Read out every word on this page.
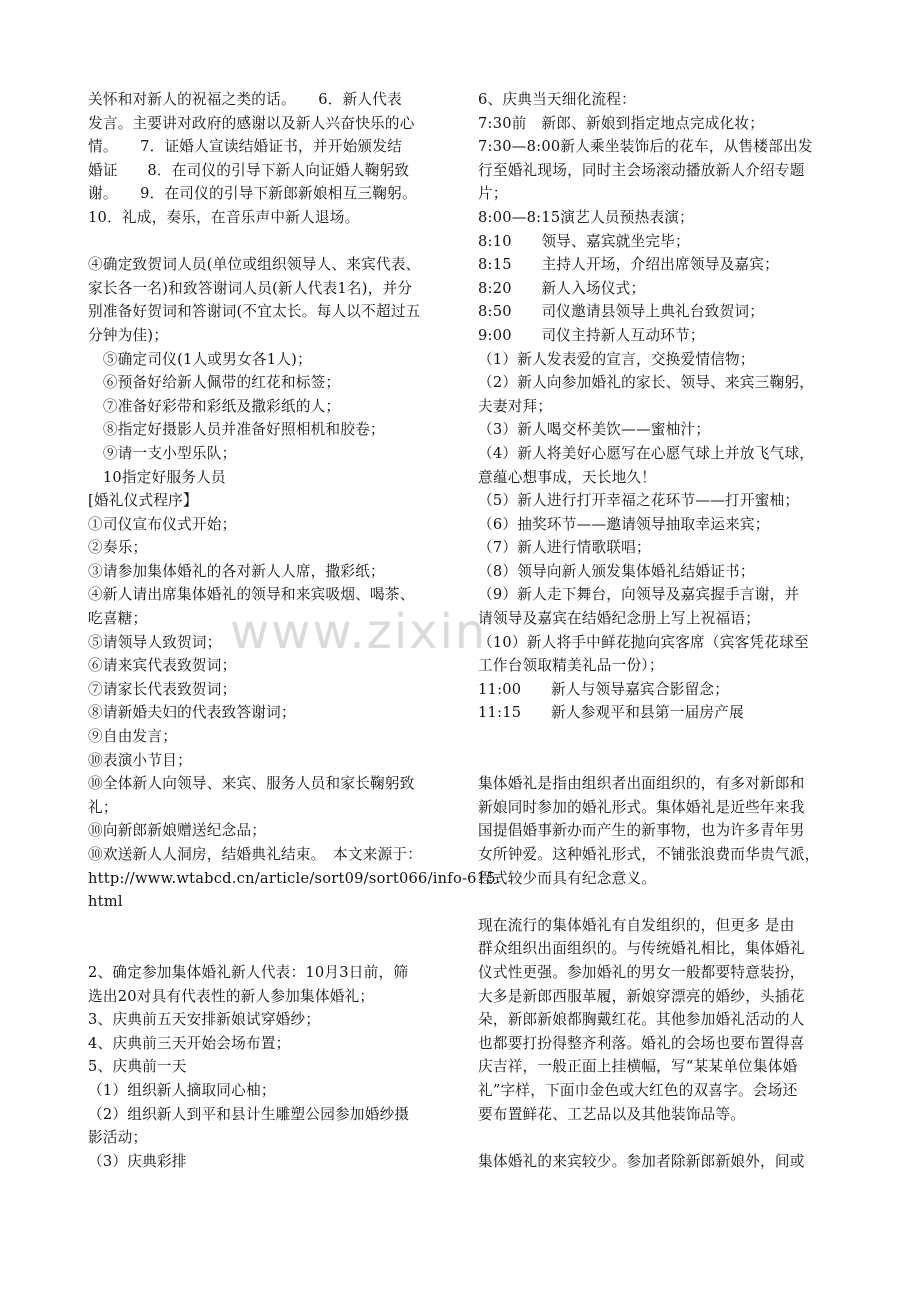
关怀和对新人的祝福之类的话。　　6．新人代表
发言。主要讲对政府的感谢以及新人兴奋快乐的心
情。　　7．证婚人宣读结婚证书，并开始颁发结
婚证　　8．在司仪的引导下新人向证婚人鞠躬致
谢。　　9．在司仪的引导下新郎新娘相互三鞠躬。
10．礼成，奏乐，在音乐声中新人退场。
④确定致贺词人员(单位或组织领导人、来宾代表、
家长各一名)和致答谢词人员(新人代表1名)，并分
别准备好贺词和答谢词(不宜太长。每人以不超过五
分钟为佳)；
　⑤确定司仪(1人或男女各1人)；
　⑥预备好给新人佩带的红花和标签；
　⑦准备好彩带和彩纸及撒彩纸的人；
　⑧指定好摄影人员并准备好照相机和胶卷；
　⑨请一支小型乐队；
　10指定好服务人员
[婚礼仪式程序】
①司仪宣布仪式开始；
②奏乐；
③请参加集体婚礼的各对新人人席，撒彩纸；
④新人请出席集体婚礼的领导和来宾吸烟、喝茶、
吃喜糖；
⑤请领导人致贺词；
⑥请来宾代表致贺词；
⑦请家长代表致贺词；
⑧请新婚夫妇的代表致答谢词；
⑨自由发言；
⑩表演小节目；
⑩全体新人向领导、来宾、服务人员和家长鞠躬致
礼；
⑩向新郎新娘赠送纪念品；
⑩欢送新人人洞房，结婚典礼结束。　本文来源于：
http://www.wtabcd.cn/article/sort09/sort066/info-615.
html
2、确定参加集体婚礼新人代表：10月3日前，筛
选出20对具有代表性的新人参加集体婚礼；
3、庆典前五天安排新娘试穿婚纱；
4、庆典前三天开始会场布置；
5、庆典前一天
（1）组织新人摘取同心柚；
（2）组织新人到平和县计生雕塑公园参加婚纱摄
影活动；
（3）庆典彩排
6、庆典当天细化流程：
7:30前　新郎、新娘到指定地点完成化妆；
7:30—8:00新人乘坐装饰后的花车，从售楼部出发
行至婚礼现场，同时主会场滚动播放新人介绍专题
片；
8:00—8:15演艺人员预热表演；
8:10　　领导、嘉宾就坐完毕；
8:15　　主持人开场，介绍出席领导及嘉宾；
8:20　　新人入场仪式；
8:50　　司仪邀请县领导上典礼台致贺词；
9:00　　司仪主持新人互动环节；
（1）新人发表爱的宣言，交换爱情信物；
（2）新人向参加婚礼的家长、领导、来宾三鞠躬，
夫妻对拜；
（3）新人喝交杯美饮——蜜柚汁；
（4）新人将美好心愿写在心愿气球上并放飞气球，
意蕴心想事成，天长地久！
（5）新人进行打开幸福之花环节——打开蜜柚；
（6）抽奖环节——邀请领导抽取幸运来宾；
（7）新人进行情歌联唱；
（8）领导向新人颁发集体婚礼结婚证书；
（9）新人走下舞台，向领导及嘉宾握手言谢，并
请领导及嘉宾在结婚纪念册上写上祝福语；
（10）新人将手中鲜花抛向宾客席（宾客凭花球至
工作台领取精美礼品一份）；
11:00　　新人与领导嘉宾合影留念；
11:15　　新人参观平和县第一届房产展
集体婚礼是指由组织者出面组织的，有多对新郎和
新娘同时参加的婚礼形式。集体婚礼是近些年来我
国提倡婚事新办而产生的新事物，也为许多青年男
女所钟爱。这种婚礼形式，不铺张浪费而华贵气派，
程式较少而具有纪念意义。
现在流行的集体婚礼有自发组织的，但更多 是由
群众组织出面组织的。与传统婚礼相比，集体婚礼
仪式性更强。参加婚礼的男女一般都要特意装扮，
大多是新郎西服革履，新娘穿漂亮的婚纱，头插花
朵，新郎新娘都胸戴红花。其他参加婚礼活动的人
也都要打扮得整齐利落。婚礼的会场也要布置得喜
庆吉祥，一般正面上挂横幅，写“某某单位集体婚
礼”字样，下面巾金色或大红色的双喜字。会场还
要布置鲜花、工艺品以及其他装饰品等。
集体婚礼的来宾较少。参加者除新郎新娘外，间或
www.zixin
